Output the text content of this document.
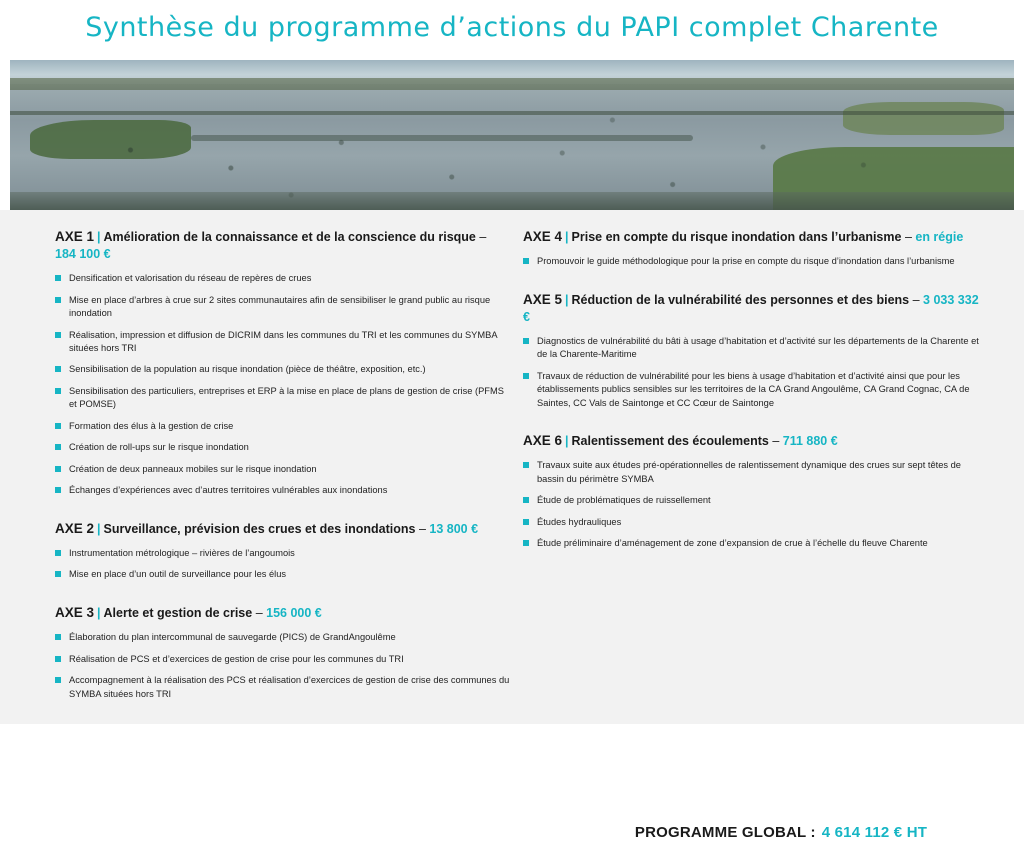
Synthèse du programme d’actions du PAPI complet Charente
AXE 1 | Amélioration de la connaissance et de la conscience du risque – 184 100 €
Densification et valorisation du réseau de repères de crues
Mise en place d’arbres à crue sur 2 sites communautaires afin de sensibiliser le grand public au risque inondation
Réalisation, impression et diffusion de DICRIM dans les communes du TRI et les communes du SYMBA situées hors TRI
Sensibilisation de la population au risque inondation (pièce de théâtre, exposition, etc.)
Sensibilisation des particuliers, entreprises et ERP à la mise en place de plans de gestion de crise (PFMS et POMSE)
Formation des élus à la gestion de crise
Création de roll-ups sur le risque inondation
Création de deux panneaux mobiles sur le risque inondation
Échanges d’expériences avec d’autres territoires vulnérables aux inondations
AXE 2 | Surveillance, prévision des crues et des inondations – 13 800 €
Instrumentation métrologique – rivières de l’angoumois
Mise en place d’un outil de surveillance pour les élus
AXE 3 | Alerte et gestion de crise – 156 000 €
Élaboration du plan intercommunal de sauvegarde (PICS) de GrandAngoulême
Réalisation de PCS et d’exercices de gestion de crise pour les communes du TRI
Accompagnement à la réalisation des PCS et réalisation d’exercices de gestion de crise des communes du SYMBA situées hors TRI
AXE 4 | Prise en compte du risque inondation dans l’urbanisme – en régie
Promouvoir le guide méthodologique pour la prise en compte du risque d’inondation dans l’urbanisme
AXE 5 | Réduction de la vulnérabilité des personnes et des biens – 3 033 332 €
Diagnostics de vulnérabilité du bâti à usage d’habitation et d’activité sur les départements de la Charente et de la Charente-Maritime
Travaux de réduction de vulnérabilité pour les biens à usage d’habitation et d’activité ainsi que pour les établissements publics sensibles sur les territoires de la CA Grand Angoulême, CA Grand Cognac, CA de Saintes, CC Vals de Saintonge et CC Cœur de Saintonge
AXE 6 | Ralentissement des écoulements – 711 880 €
Travaux suite aux études pré-opérationnelles de ralentissement dynamique des crues sur sept têtes de bassin du périmètre SYMBA
Étude de problématiques de ruissellement
Études hydrauliques
Étude préliminaire d’aménagement de zone d’expansion de crue à l’échelle du fleuve Charente
PROGRAMME GLOBAL : 4 614 112 € HT
